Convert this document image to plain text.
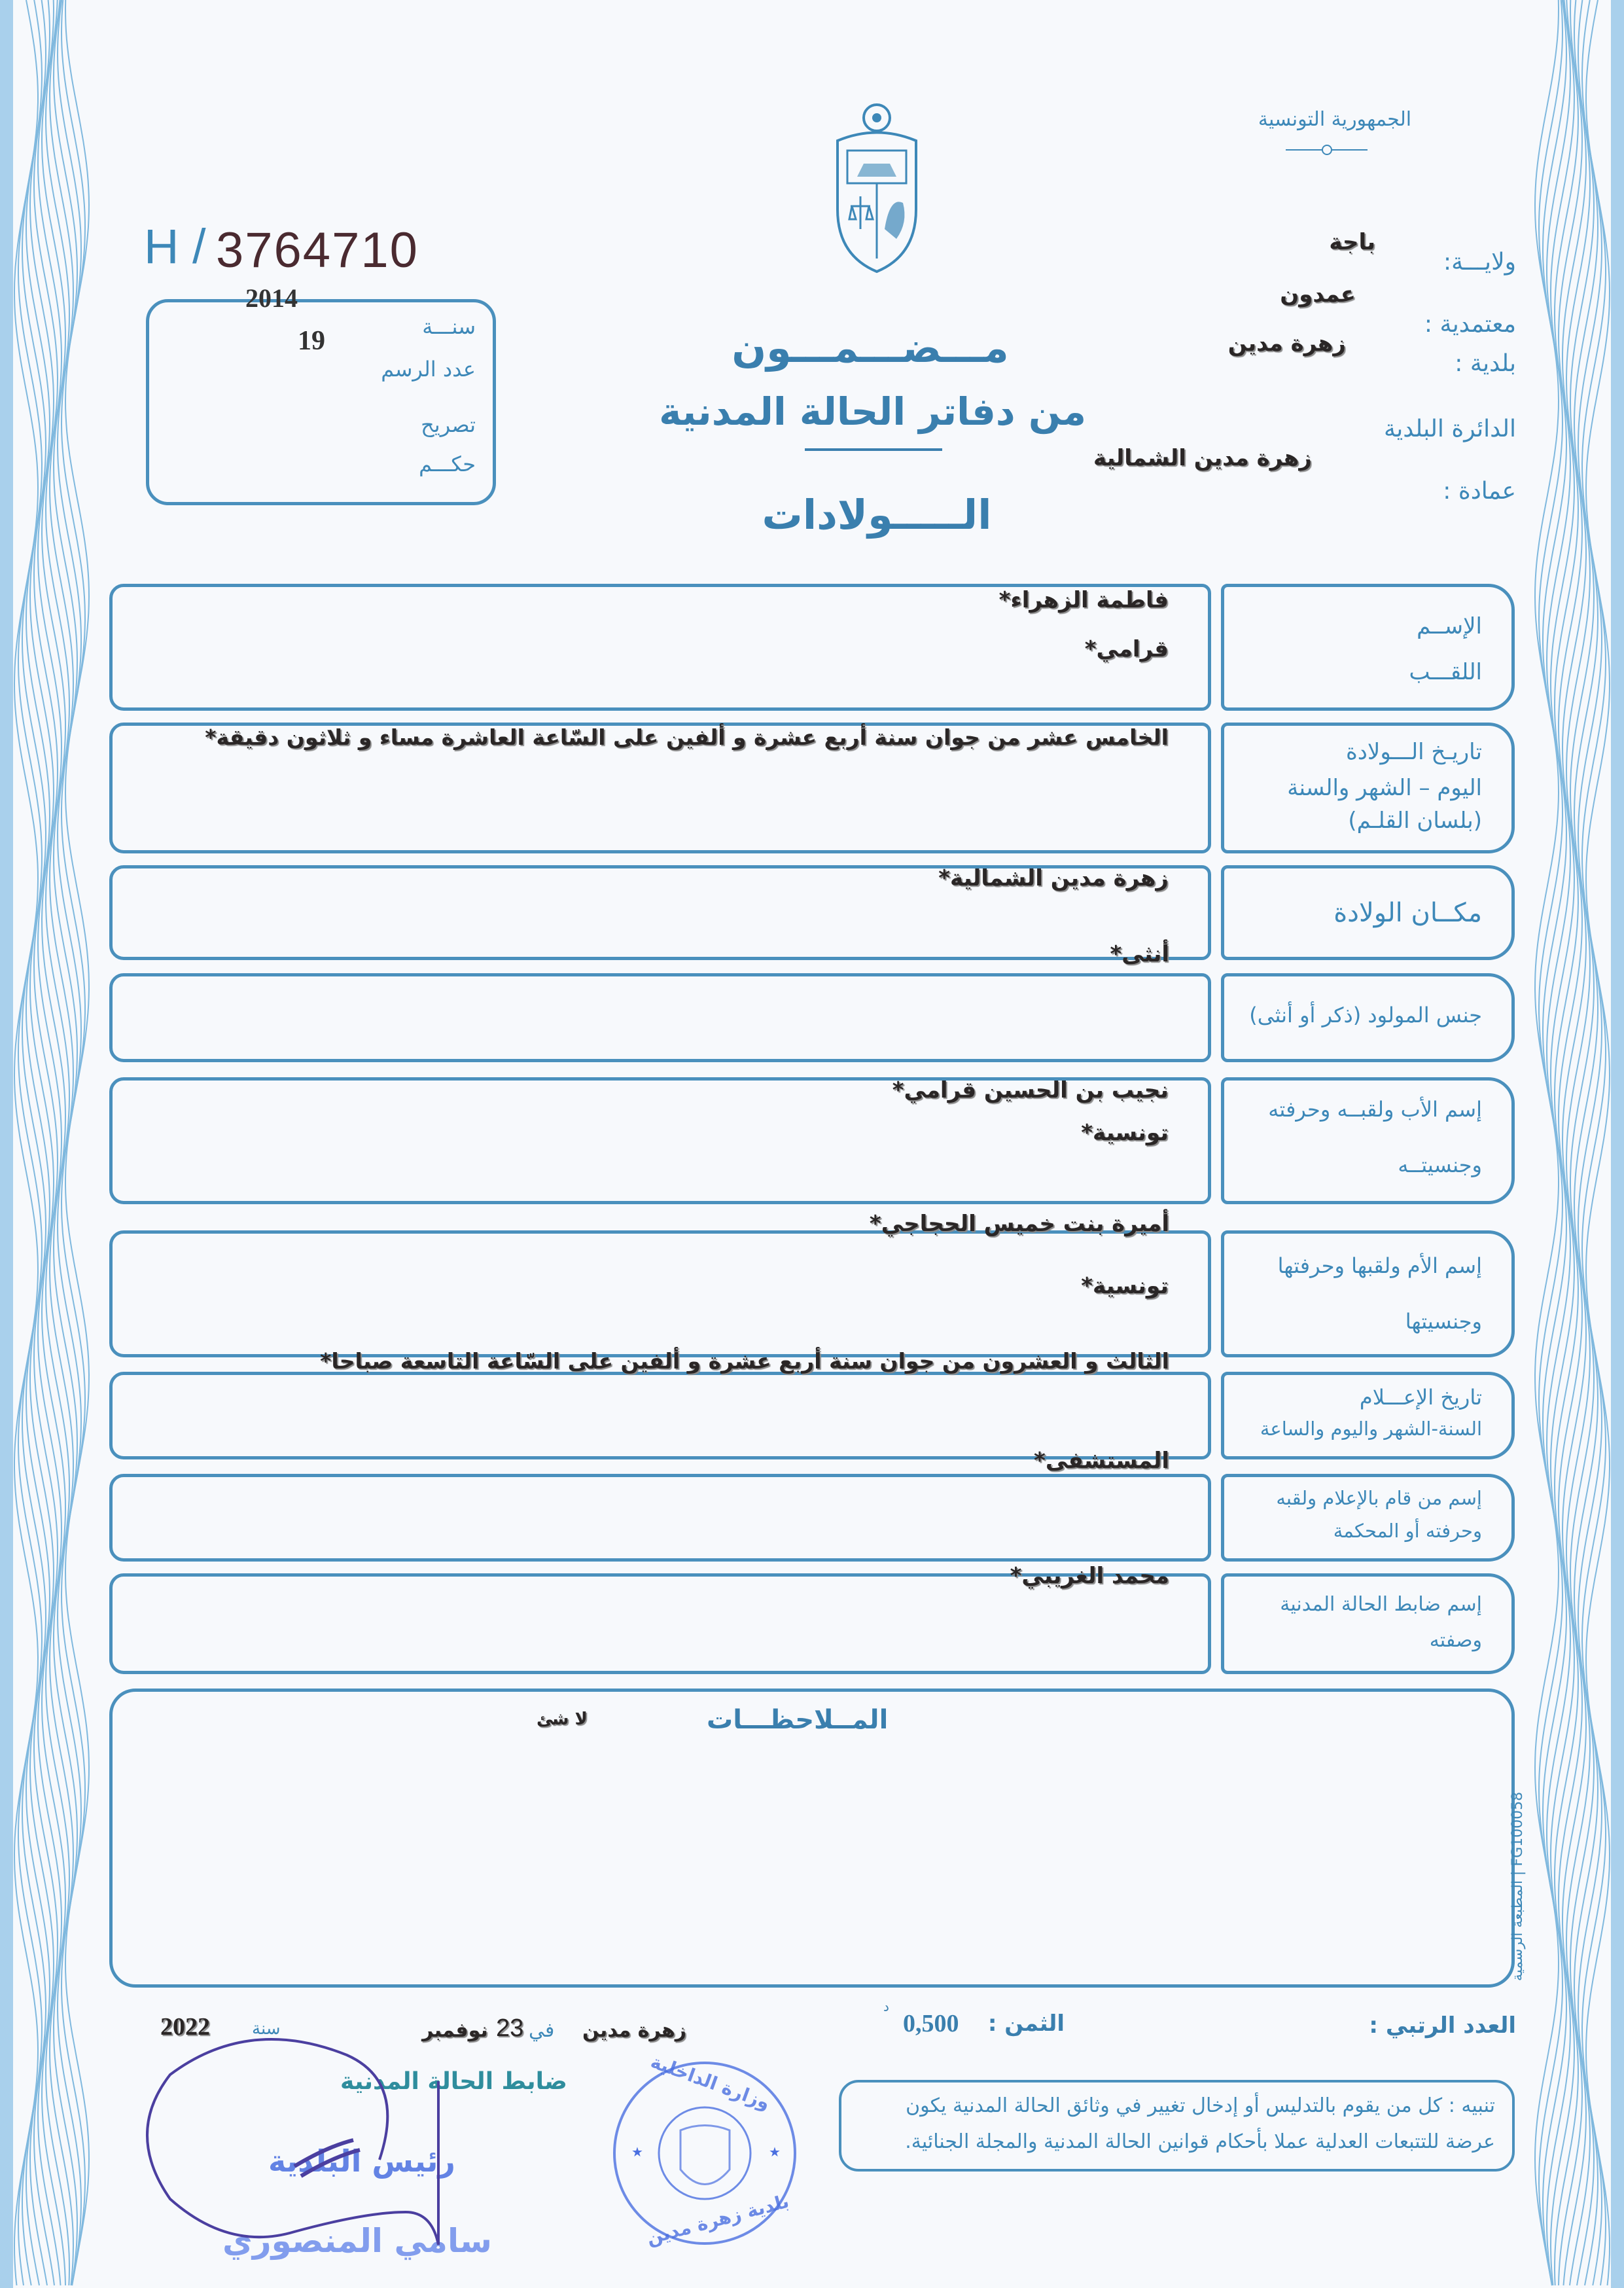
الجمهورية التونسية
H / 3764710
2014
سنـــة
19
عدد الرسم
تصريح
حكـــم
ولايـــة:
باجة
عمدون
معتمدية :
زهرة مدين
بلدية :
الدائرة البلدية
زهرة مدين الشمالية
عمادة :
مـــضـــمـــون
من دفاتر الحالة المدنية
الـــــولادات
فاطمة الزهراء*
قرامي*
الإســم
اللقـــب
الخامس عشر من جوان سنة أربع عشرة و ألفين على السّاعة العاشرة مساء و ثلاثون دقيقة*
تاريـخ الـــولادة
اليوم – الشهر والسنة
(بلسان القلـم)
زهرة مدين الشمالية*
مكــان الولادة
أنثى*
جنس المولود (ذكر أو أنثى)
نجيب بن الحسين قرامي*
تونسية*
إسم الأب ولقبــه وحرفته
وجنسيتــه
تونسية*
أميرة بنت خميس الحجاجي*
إسم الأم ولقبها وحرفتها
وجنسيتها
الثالث و العشرون من جوان سنة أربع عشرة و ألفين على السّاعة التاسعة صباحا*
تاريخ الإعـــلام
السنة-الشهر واليوم والساعة
المستشفى*
إسم من قام بالإعلام ولقبه
وحرفته أو المحكمة
محمد الغريبي*
إسم ضابط الحالة المدنية
وصفته
المــلاحظـــات
لا شئ
المطبعة الرسمية | FG100058
العدد الرتبي :
الثمن :
0,500
د
تنبيه : كل من يقوم بالتدليس أو إدخال تغيير في وثائق الحالة المدنية يكون عرضة للتتبعات العدلية عملا بأحكام قوانين الحالة المدنية والمجلة الجنائية.
زهرة مدين
في
23
نوفمبر
سنة
2022
ضابط الحالة المدنية
رئيس البلدية
سامي المنصوري
★	★
وزارة الداخلية
بلدية زهرة مدين
